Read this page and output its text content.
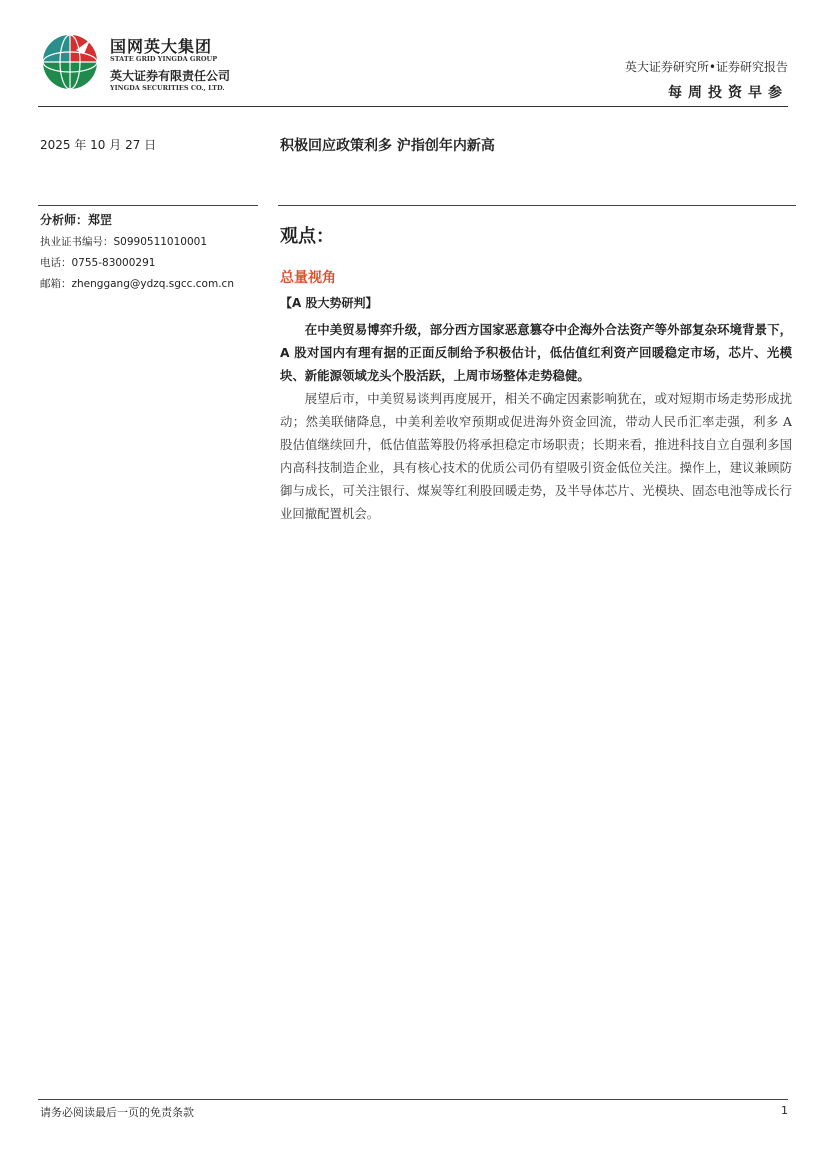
国网英大集团
STATE GRID YINGDA GROUP
英大证券有限责任公司
YINGDA SECURITIES CO., LTD.
英大证券研究所•证券研究报告
每周投资早参
2025 年 10 月 27 日	积极回应政策利多 沪指创年内新高
分析师：郑罡
执业证书编号：S0990511010001
电话：0755-83000291
邮箱：zhenggang@ydzq.sgcc.com.cn
观点：
总量视角
【A 股大势研判】

在中美贸易博弈升级，部分西方国家恶意篡夺中企海外合法资产等外部复杂环境背景下，A 股对国内有理有据的正面反制给予积极估计，低估值红利资产回暖稳定市场，芯片、光模块、新能源领域龙头个股活跃，上周市场整体走势稳健。

展望后市，中美贸易谈判再度展开，相关不确定因素影响犹在，或对短期市场走势形成扰动；然美联储降息，中美利差收窄预期或促进海外资金回流，带动人民币汇率走强，利多 A 股估值继续回升，低估值蓝筹股仍将承担稳定市场职责；长期来看，推进科技自立自强利多国内高科技制造企业，具有核心技术的优质公司仍有望吸引资金低位关注。操作上，建议兼顾防御与成长，可关注银行、煤炭等红利股回暖走势，及半导体芯片、光模块、固态电池等成长行业回撤配置机会。

请务必阅读最后一页的免责条款	1
